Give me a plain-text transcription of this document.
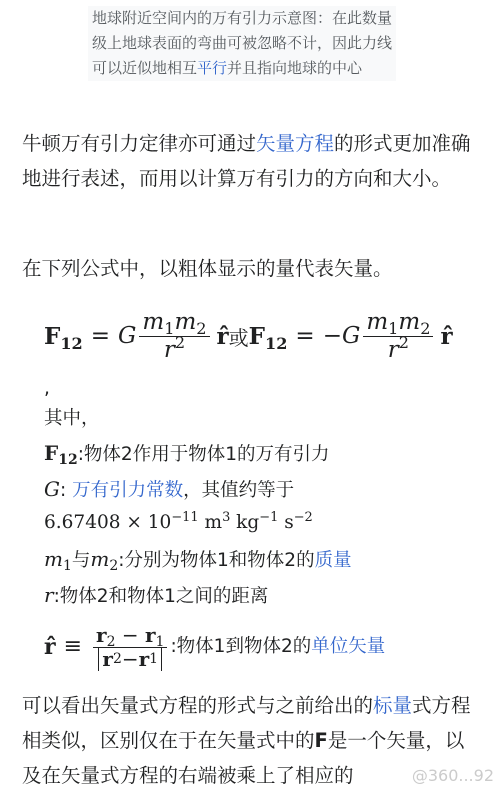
地球附近空间内的万有引力示意图：在此数量级上地球表面的弯曲可被忽略不计，因此力线可以近似地相互平行并且指向地球的中心
牛顿万有引力定律亦可通过矢量方程的形式更加准确地进行表述，而用以计算万有引力的方向和大小。
在下列公式中，以粗体显示的量代表矢量。
$F_{12} = G \frac{m_1m_2}{r^2}$ r̂ 或 $F_{12}$ = − G $\frac{m_1m_2}{r^2}$ r̂
,
其中，
$F_{12}$:物体2作用于物体1的万有引力
G: 万有引力常数，其值约等于
$6.67408 \times 10^{-11}$ $m^3$ $kg^{-1}$ $s^{-2}$
$m_1$与$m_2$:分别为物体1和物体2的质量
r:物体2和物体1之间的距离
r̂ ≡ $\frac{r_2 - r_1}{r 2 - r 1}$ :物体1到物体2的 单位矢量
可以看出矢量式方程的形式与之前给出的标量式方程相类似，区别仅在于在矢量式中的F是一个矢量，以及在矢量式方程的右端被乘上了相应的	@360...92
